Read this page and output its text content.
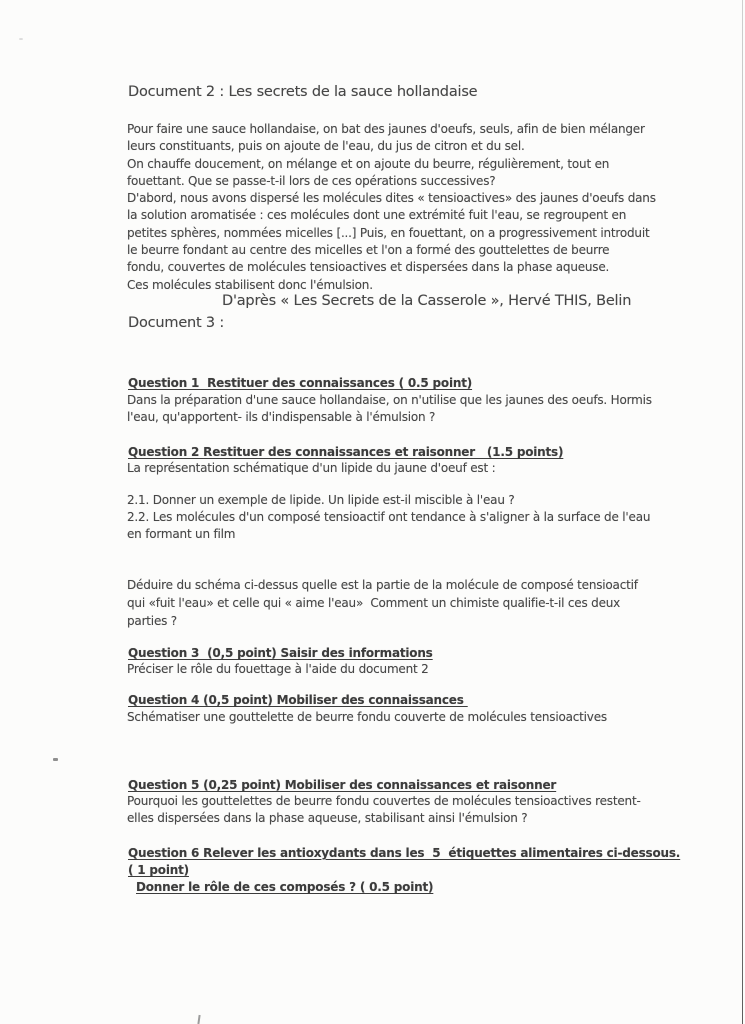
Document 2 : Les secrets de la sauce hollandaise
Pour faire une sauce hollandaise, on bat des jaunes d'oeufs, seuls, afin de bien mélanger
leurs constituants, puis on ajoute de l'eau, du jus de citron et du sel.
On chauffe doucement, on mélange et on ajoute du beurre, régulièrement, tout en
fouettant. Que se passe-t-il lors de ces opérations successives?
D'abord, nous avons dispersé les molécules dites « tensioactives» des jaunes d'oeufs dans
la solution aromatisée : ces molécules dont une extrémité fuit l'eau, se regroupent en
petites sphères, nommées micelles [...] Puis, en fouettant, on a progressivement introduit
le beurre fondant au centre des micelles et l'on a formé des gouttelettes de beurre
fondu, couvertes de molécules tensioactives et dispersées dans la phase aqueuse.
Ces molécules stabilisent donc l'émulsion.
D'après « Les Secrets de la Casserole », Hervé THIS, Belin
Document 3 :
Question 1  Restituer des connaissances ( 0.5 point)
Dans la préparation d'une sauce hollandaise, on n'utilise que les jaunes des oeufs. Hormis
l'eau, qu'apportent- ils d'indispensable à l'émulsion ?
Question 2 Restituer des connaissances et raisonner   (1.5 points)
La représentation schématique d'un lipide du jaune d'oeuf est :
2.1. Donner un exemple de lipide. Un lipide est-il miscible à l'eau ?
2.2. Les molécules d'un composé tensioactif ont tendance à s'aligner à la surface de l'eau
en formant un film
Déduire du schéma ci-dessus quelle est la partie de la molécule de composé tensioactif
qui «fuit l'eau» et celle qui « aime l'eau»  Comment un chimiste qualifie-t-il ces deux
parties ?
Question 3  (0,5 point) Saisir des informations
Préciser le rôle du fouettage à l'aide du document 2
Question 4 (0,5 point) Mobiliser des connaissances
Schématiser une gouttelette de beurre fondu couverte de molécules tensioactives
Question 5 (0,25 point) Mobiliser des connaissances et raisonner
Pourquoi les gouttelettes de beurre fondu couvertes de molécules tensioactives restent-
elles dispersées dans la phase aqueuse, stabilisant ainsi l'émulsion ?
Question 6 Relever les antioxydants dans les  5  étiquettes alimentaires ci-dessous.
( 1 point)
Donner le rôle de ces composés ? ( 0.5 point)
